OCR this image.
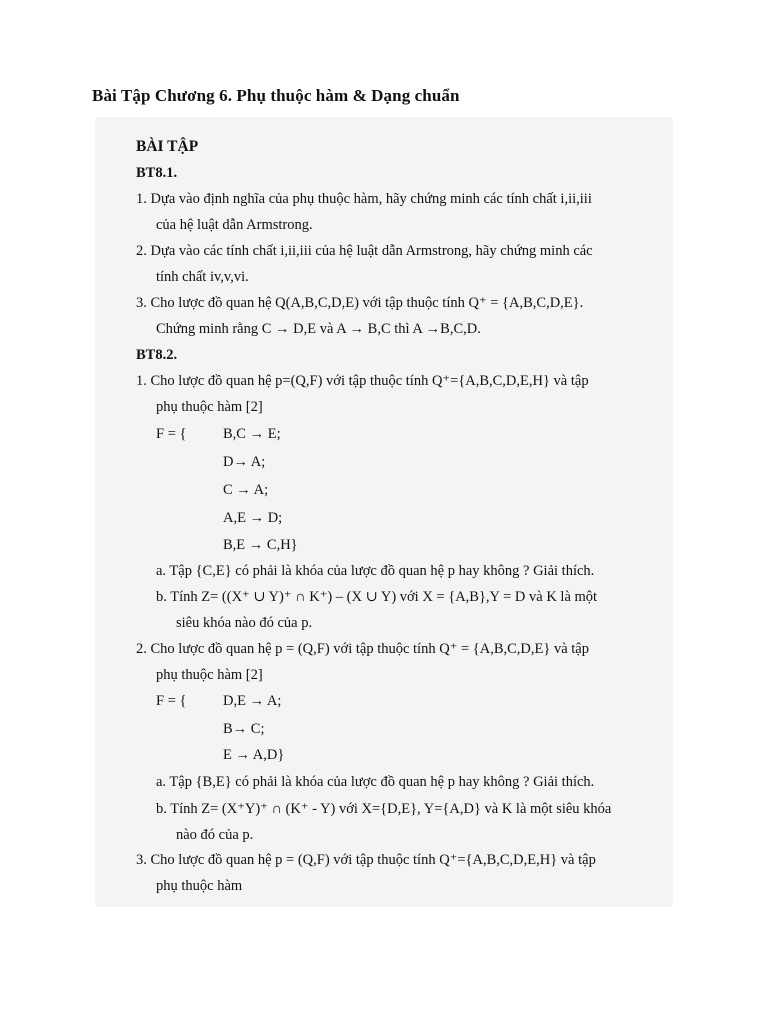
Bài Tập Chương 6. Phụ thuộc hàm & Dạng chuẩn
BÀI TẬP
BT8.1.
1. Dựa vào định nghĩa của phụ thuộc hàm, hãy chứng minh các tính chất i,ii,iii
của hệ luật dẫn Armstrong.
2. Dựa vào các tính chất i,ii,iii của hệ luật dẫn Armstrong, hãy chứng minh các
tính chất iv,v,vi.
3. Cho lược đồ quan hệ Q(A,B,C,D,E) với tập thuộc tính Q⁺ = {A,B,C,D,E}.
Chứng minh rằng C → D,E và A → B,C thì A →B,C,D.
BT8.2.
1. Cho lược đồ quan hệ p=(Q,F) với tập thuộc tính Q⁺={A,B,C,D,E,H} và tập
phụ thuộc hàm [2]
F = {	B,C → E;
D→ A;
C → A;
A,E → D;
B,E → C,H}
a. Tập {C,E} có phải là khóa của lược đồ quan hệ p hay không ? Giải thích.
b. Tính Z= ((X⁺ ∪ Y)⁺ ∩ K⁺) – (X ∪ Y) với X = {A,B},Y = D và K là một
siêu khóa nào đó của p.
2. Cho lược đồ quan hệ p = (Q,F) với tập thuộc tính Q⁺ = {A,B,C,D,E} và tập
phụ thuộc hàm [2]
F = {	D,E → A;
B→ C;
E → A,D}
a. Tập {B,E} có phải là khóa của lược đồ quan hệ p hay không ? Giải thích.
b. Tính Z= (X⁺Y)⁺ ∩ (K⁺ - Y) với X={D,E}, Y={A,D} và K là một siêu khóa
nào đó của p.
3. Cho lược đồ quan hệ p = (Q,F) với tập thuộc tính Q⁺={A,B,C,D,E,H} và tập
phụ thuộc hàm
